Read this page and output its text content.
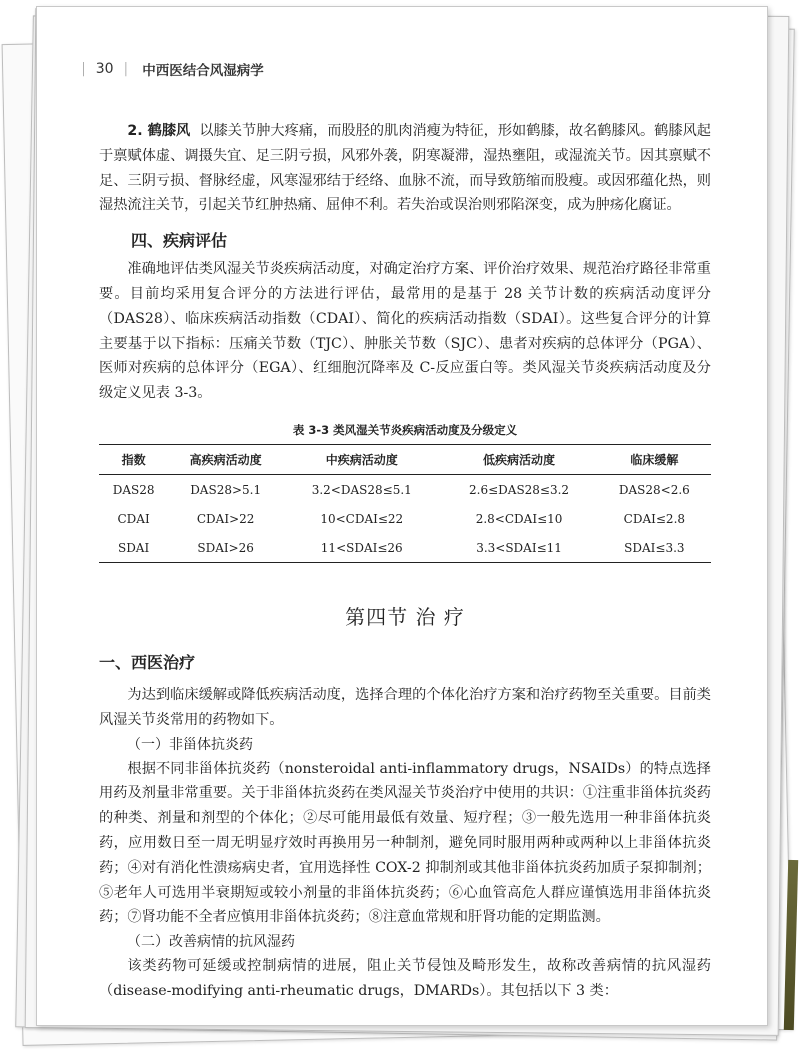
| 30 | 中西医结合风湿病学

2. 鹤膝风 以膝关节肿大疼痛，而股胫的肌肉消瘦为特征，形如鹤膝，故名鹤膝风。鹤膝风起于禀赋体虚、调摄失宜、足三阴亏损，风邪外袭，阴寒凝滞，湿热壅阻，或湿流关节。因其禀赋不足、三阴亏损、督脉经虚，风寒湿邪结于经络、血脉不流，而导致筋缩而股瘦。或因邪蕴化热，则湿热流注关节，引起关节红肿热痛、屈伸不利。若失治或误治则邪陷深变，成为肿疡化腐证。

四、疾病评估

准确地评估类风湿关节炎疾病活动度，对确定治疗方案、评价治疗效果、规范治疗路径非常重要。目前均采用复合评分的方法进行评估，最常用的是基于 28 关节计数的疾病活动度评分（DAS28）、临床疾病活动指数（CDAI）、简化的疾病活动指数（SDAI）。这些复合评分的计算主要基于以下指标：压痛关节数（TJC）、肿胀关节数（SJC）、患者对疾病的总体评分（PGA）、医师对疾病的总体评分（EGA）、红细胞沉降率及 C-反应蛋白等。类风湿关节炎疾病活动度及分级定义见表 3-3。

表 3-3 类风湿关节炎疾病活动度及分级定义
指数	高疾病活动度	中疾病活动度	低疾病活动度	临床缓解
DAS28	DAS28>5.1	3.2<DAS28≤5.1	2.6≤DAS28≤3.2	DAS28<2.6
CDAI	CDAI>22	10<CDAI≤22	2.8<CDAI≤10	CDAI≤2.8
SDAI	SDAI>26	11<SDAI≤26	3.3<SDAI≤11	SDAI≤3.3
第四节 治 疗
一、西医治疗

为达到临床缓解或降低疾病活动度，选择合理的个体化治疗方案和治疗药物至关重要。目前类风湿关节炎常用的药物如下。

（一）非甾体抗炎药

根据不同非甾体抗炎药（nonsteroidal anti-inflammatory drugs，NSAIDs）的特点选择用药及剂量非常重要。关于非甾体抗炎药在类风湿关节炎治疗中使用的共识：①注重非甾体抗炎药的种类、剂量和剂型的个体化；②尽可能用最低有效量、短疗程；③一般先选用一种非甾体抗炎药，应用数日至一周无明显疗效时再换用另一种制剂，避免同时服用两种或两种以上非甾体抗炎药；④对有消化性溃疡病史者，宜用选择性 COX-2 抑制剂或其他非甾体抗炎药加质子泵抑制剂；⑤老年人可选用半衰期短或较小剂量的非甾体抗炎药；⑥心血管高危人群应谨慎选用非甾体抗炎药；⑦肾功能不全者应慎用非甾体抗炎药；⑧注意血常规和肝肾功能的定期监测。

（二）改善病情的抗风湿药

该类药物可延缓或控制病情的进展，阻止关节侵蚀及畸形发生，故称改善病情的抗风湿药（disease-modifying anti-rheumatic drugs，DMARDs）。其包括以下 3 类：
